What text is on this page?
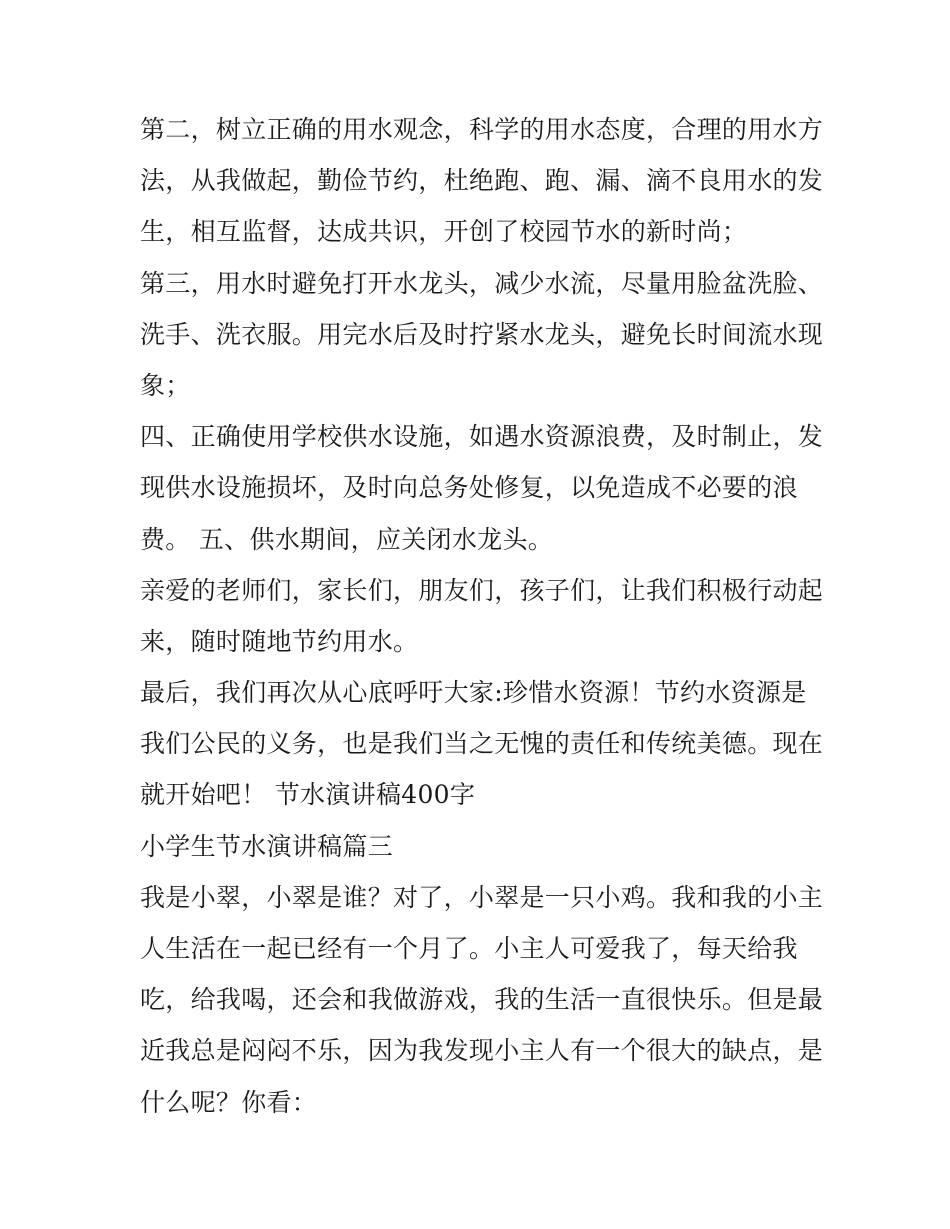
第二，树立正确的用水观念，科学的用水态度，合理的用水方
法，从我做起，勤俭节约，杜绝跑、跑、漏、滴不良用水的发
生，相互监督，达成共识，开创了校园节水的新时尚；
第三，用水时避免打开水龙头，减少水流，尽量用脸盆洗脸、
洗手、洗衣服。用完水后及时拧紧水龙头，避免长时间流水现
象；
四、正确使用学校供水设施，如遇水资源浪费，及时制止，发
现供水设施损坏，及时向总务处修复，以免造成不必要的浪
费。 五、供水期间，应关闭水龙头。
亲爱的老师们，家长们，朋友们，孩子们，让我们积极行动起
来，随时随地节约用水。
最后，我们再次从心底呼吁大家:珍惜水资源！节约水资源是
我们公民的义务，也是我们当之无愧的责任和传统美德。现在
就开始吧！ 节水演讲稿400字
小学生节水演讲稿篇三
我是小翠，小翠是谁？对了，小翠是一只小鸡。我和我的小主
人生活在一起已经有一个月了。小主人可爱我了，每天给我
吃，给我喝，还会和我做游戏，我的生活一直很快乐。但是最
近我总是闷闷不乐，因为我发现小主人有一个很大的缺点，是
什么呢？你看：
